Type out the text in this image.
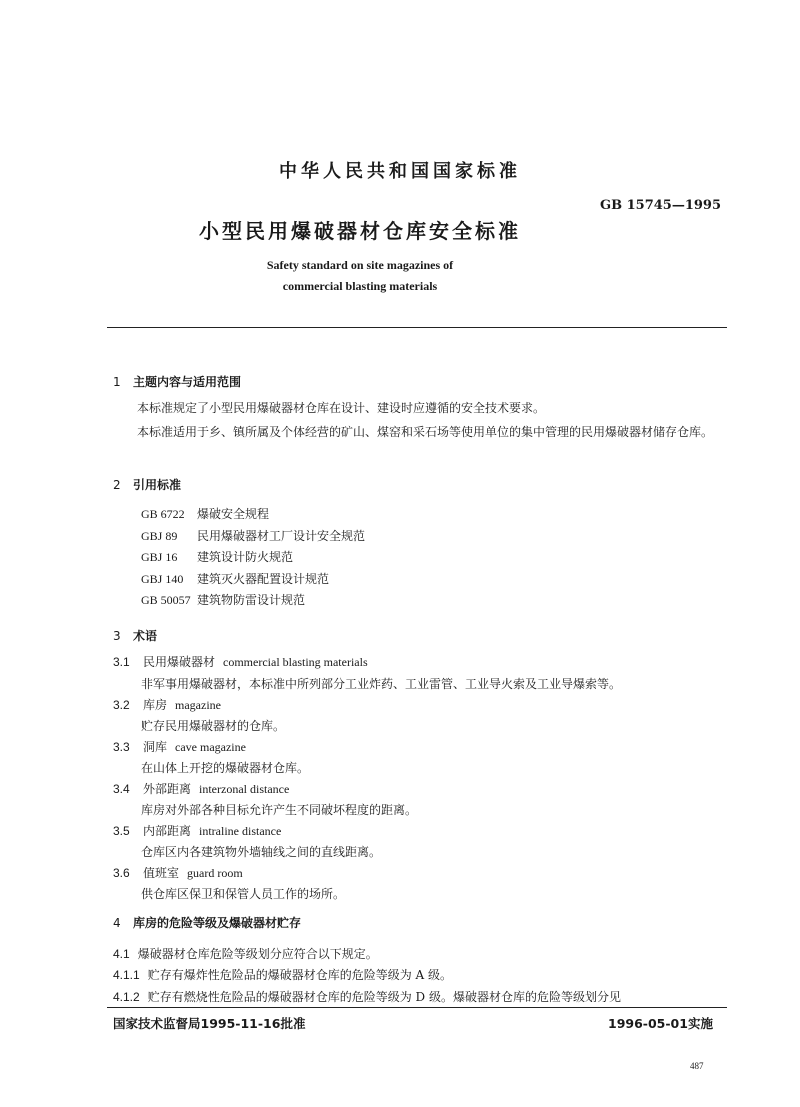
中华人民共和国国家标准
GB 15745—1995
小型民用爆破器材仓库安全标准
Safety standard on site magazines of
commercial blasting materials
1 主题内容与适用范围
本标准规定了小型民用爆破器材仓库在设计、建设时应遵循的安全技术要求。
本标准适用于乡、镇所属及个体经营的矿山、煤窑和采石场等使用单位的集中管理的民用爆破器材储存仓库。
2 引用标准
GB 6722 爆破安全规程
GBJ 89 民用爆破器材工厂设计安全规范
GBJ 16 建筑设计防火规范
GBJ 140 建筑灭火器配置设计规范
GB 50057 建筑物防雷设计规范
3 术语
3.1 民用爆破器材 commercial blasting materials
非军事用爆破器材，本标准中所列部分工业炸药、工业雷管、工业导火索及工业导爆索等。
3.2 库房 magazine
贮存民用爆破器材的仓库。
3.3 洞库 cave magazine
在山体上开挖的爆破器材仓库。
3.4 外部距离 interzonal distance
库房对外部各种目标允许产生不同破坏程度的距离。
3.5 内部距离 intraline distance
仓库区内各建筑物外墙轴线之间的直线距离。
3.6 值班室 guard room
供仓库区保卫和保管人员工作的场所。
4 库房的危险等级及爆破器材贮存
4.1 爆破器材仓库危险等级划分应符合以下规定。
4.1.1 贮存有爆炸性危险品的爆破器材仓库的危险等级为 A 级。
4.1.2 贮存有燃烧性危险品的爆破器材仓库的危险等级为 D 级。爆破器材仓库的危险等级划分见
国家技术监督局1995-11-16批准	1996-05-01实施
487
